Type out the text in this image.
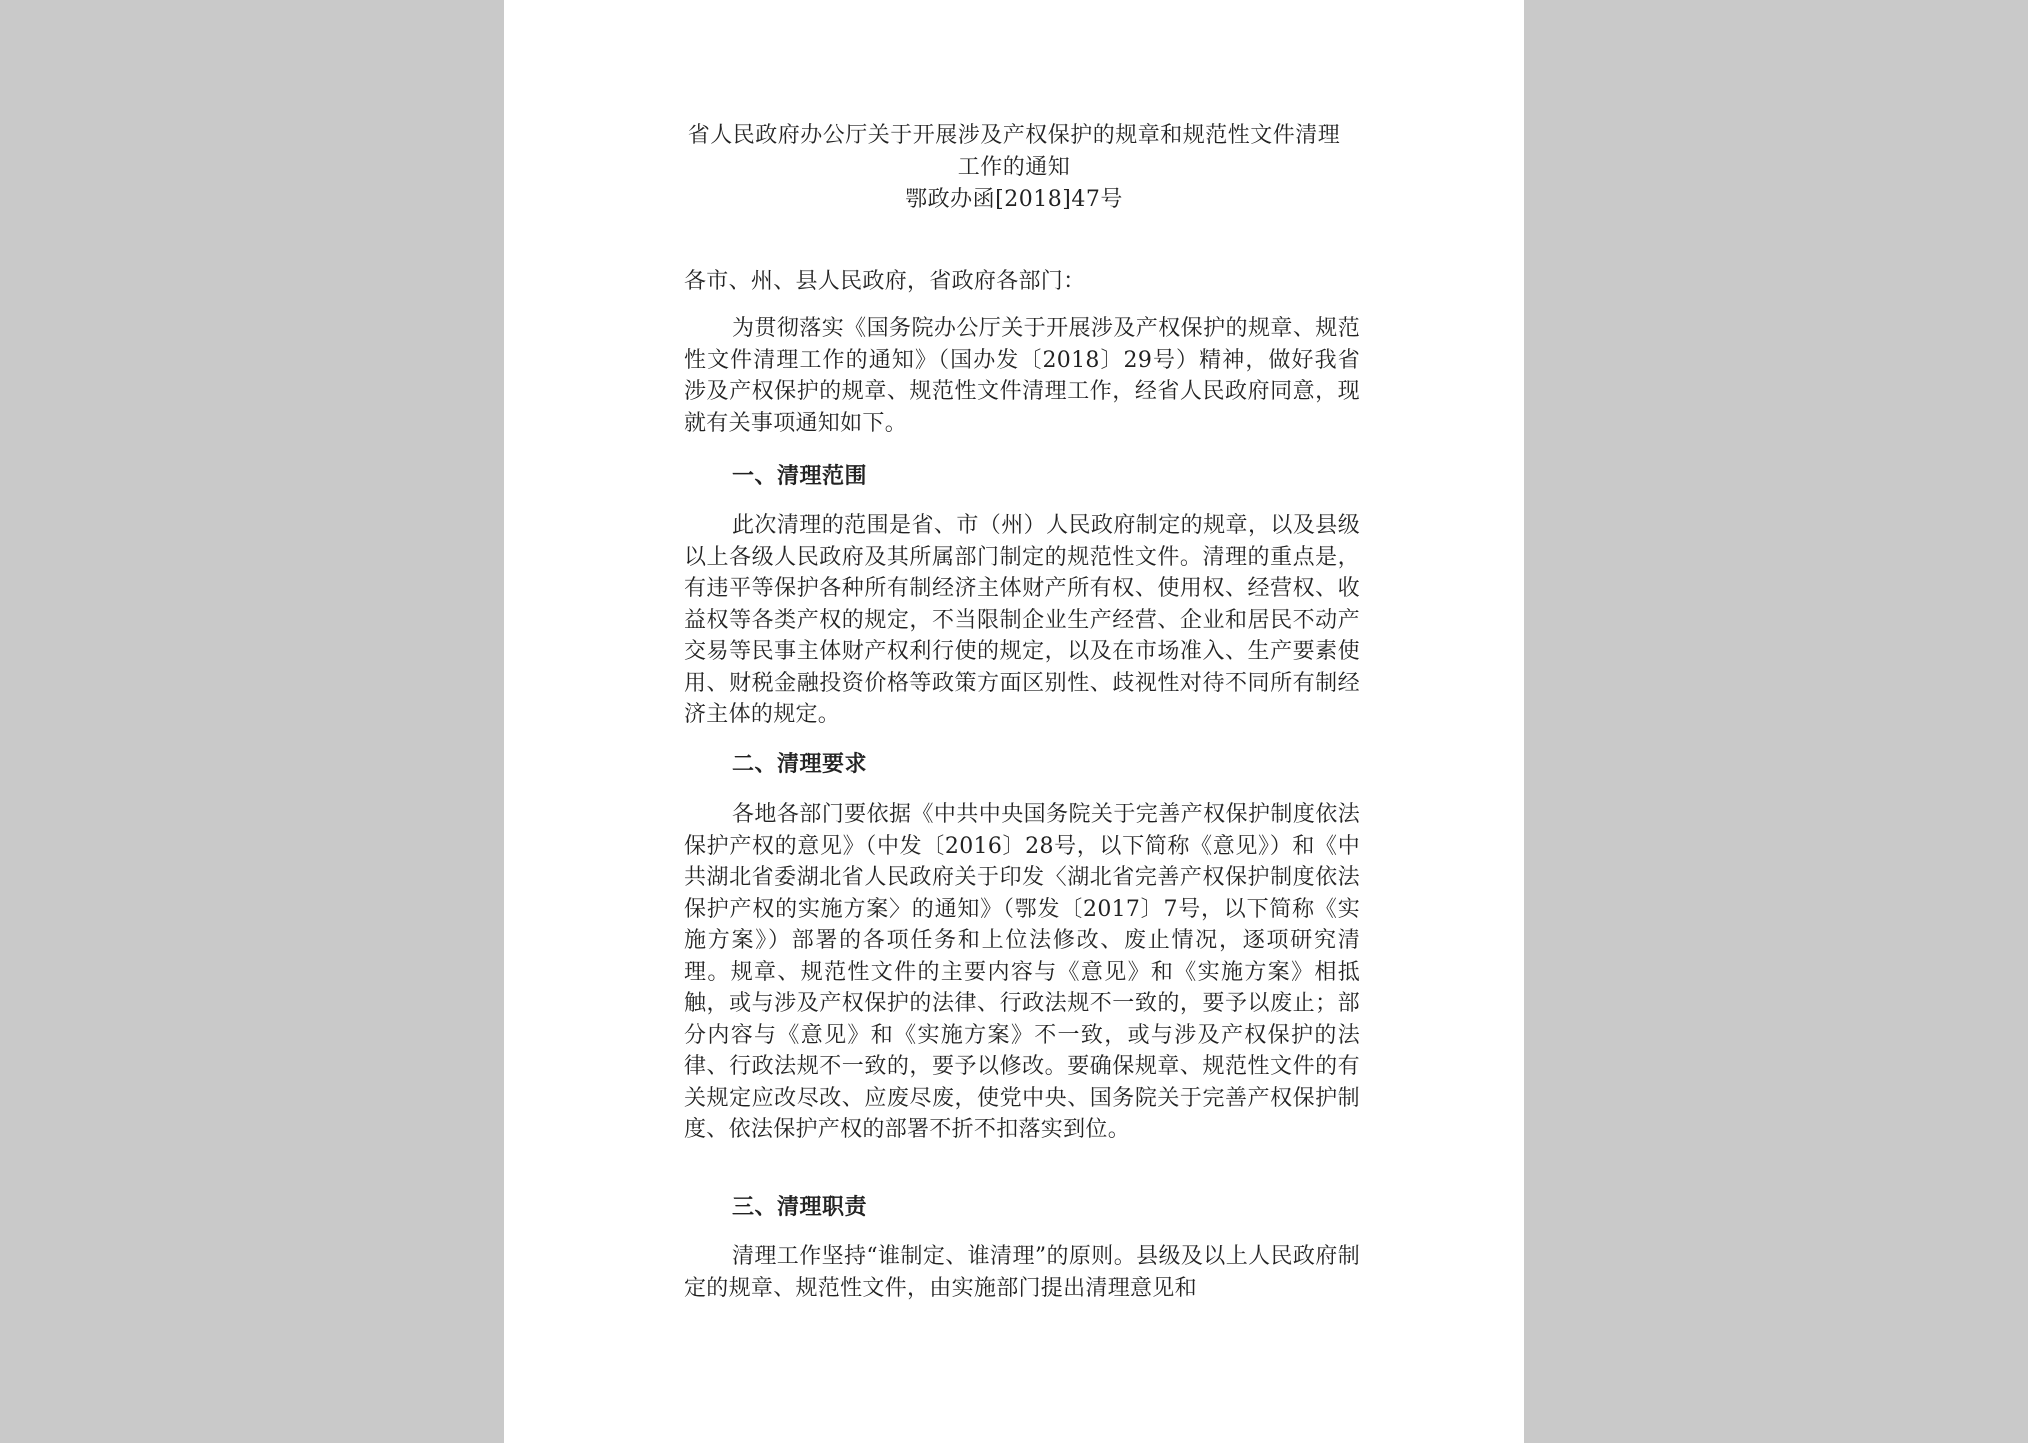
省人民政府办公厅关于开展涉及产权保护的规章和规范性文件清理
工作的通知
鄂政办函[2018]47号
各市、州、县人民政府，省政府各部门：
为贯彻落实《国务院办公厅关于开展涉及产权保护的规章、规范性文件清理工作的通知》（国办发〔2018〕29号）精神，做好我省涉及产权保护的规章、规范性文件清理工作，经省人民政府同意，现就有关事项通知如下。
一、清理范围
此次清理的范围是省、市（州）人民政府制定的规章，以及县级以上各级人民政府及其所属部门制定的规范性文件。清理的重点是，有违平等保护各种所有制经济主体财产所有权、使用权、经营权、收益权等各类产权的规定，不当限制企业生产经营、企业和居民不动产交易等民事主体财产权利行使的规定，以及在市场准入、生产要素使用、财税金融投资价格等政策方面区别性、歧视性对待不同所有制经济主体的规定。
二、清理要求
各地各部门要依据《中共中央国务院关于完善产权保护制度依法保护产权的意见》（中发〔2016〕28号，以下简称《意见》）和《中共湖北省委湖北省人民政府关于印发〈湖北省完善产权保护制度依法保护产权的实施方案〉的通知》（鄂发〔2017〕7号，以下简称《实施方案》）部署的各项任务和上位法修改、废止情况，逐项研究清理。规章、规范性文件的主要内容与《意见》和《实施方案》相抵触，或与涉及产权保护的法律、行政法规不一致的，要予以废止；部分内容与《意见》和《实施方案》不一致，或与涉及产权保护的法律、行政法规不一致的，要予以修改。要确保规章、规范性文件的有关规定应改尽改、应废尽废，使党中央、国务院关于完善产权保护制度、依法保护产权的部署不折不扣落实到位。
三、清理职责
清理工作坚持“谁制定、谁清理”的原则。县级及以上人民政府制定的规章、规范性文件，由实施部门提出清理意见和
